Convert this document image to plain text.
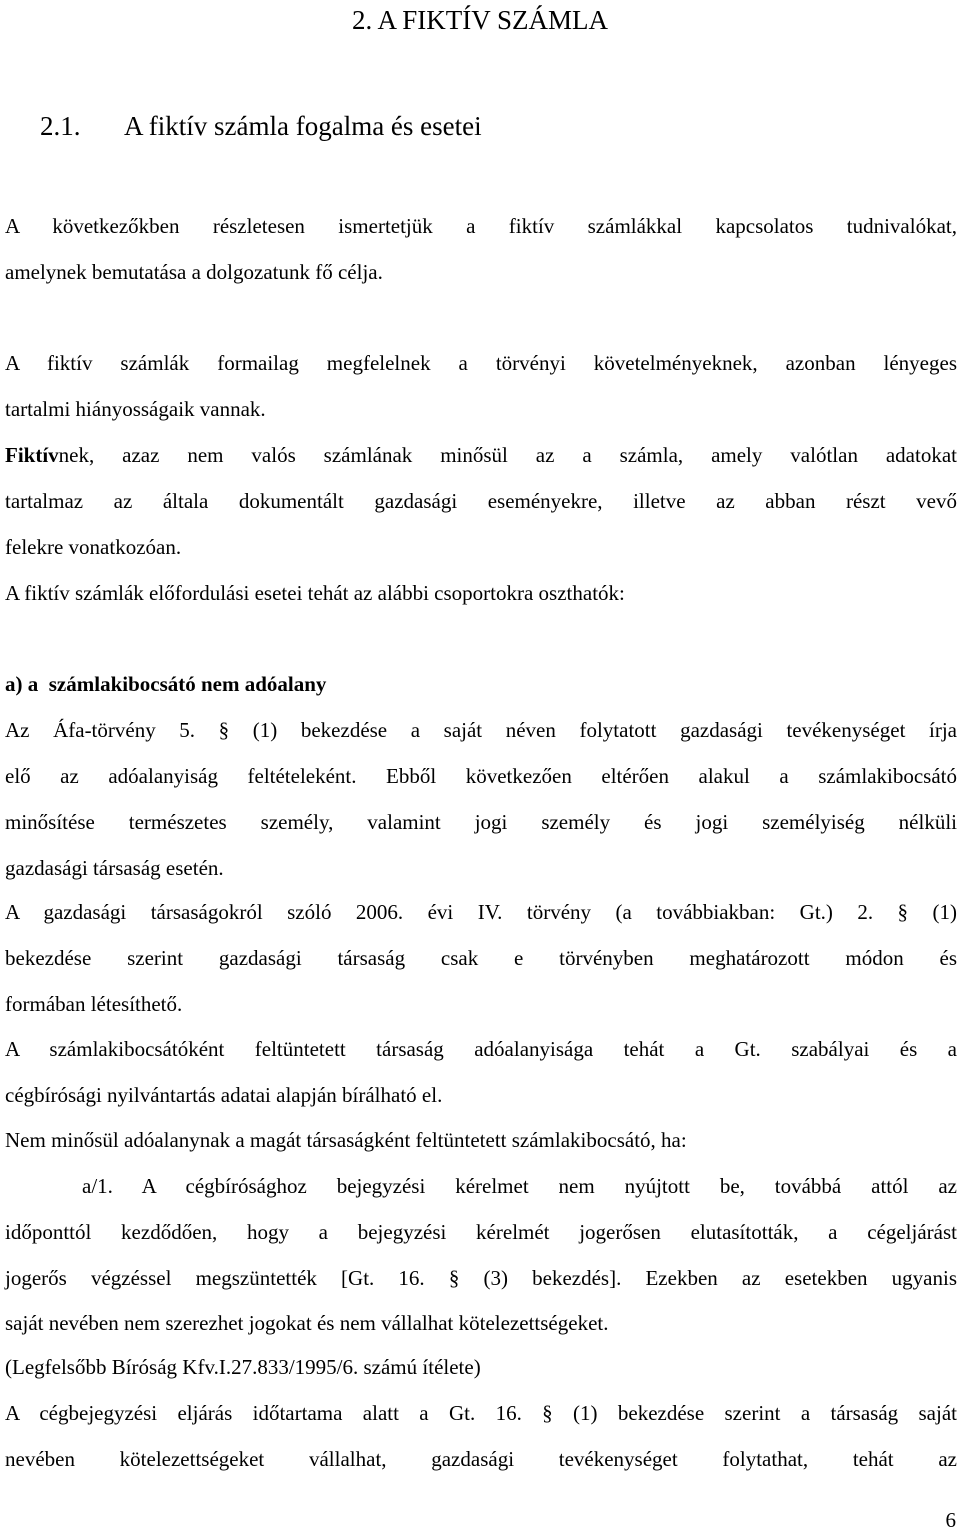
2. A FIKTÍV SZÁMLA
2.1. A fiktív számla fogalma és esetei

A következőkben részletesen ismertetjük a fiktív számlákkal kapcsolatos tudnivalókat,

amelynek bemutatása a dolgozatunk fő célja.

A fiktív számlák formailag megfelelnek a törvényi követelményeknek, azonban lényeges

tartalmi hiányosságaik vannak.

Fiktívnek, azaz nem valós számlának minősül az a számla, amely valótlan adatokat

tartalmaz az általa dokumentált gazdasági eseményekre, illetve az abban részt vevő

felekre vonatkozóan.

A fiktív számlák előfordulási esetei tehát az alábbi csoportokra oszthatók:

a) a  számlakibocsátó nem adóalany

Az Áfa-törvény 5. § (1) bekezdése a saját néven folytatott gazdasági tevékenységet írja

elő az adóalanyiság feltételeként. Ebből következően eltérően alakul a számlakibocsátó

minősítése természetes személy, valamint jogi személy és jogi személyiség nélküli

gazdasági társaság esetén.

A gazdasági társaságokról szóló 2006. évi IV. törvény (a továbbiakban: Gt.) 2. § (1)

bekezdése szerint gazdasági társaság csak e törvényben meghatározott módon és

formában létesíthető.

A számlakibocsátóként feltüntetett társaság adóalanyisága tehát a Gt. szabályai és a

cégbírósági nyilvántartás adatai alapján bírálható el.

Nem minősül adóalanynak a magát társaságként feltüntetett számlakibocsátó, ha:

a/1. A cégbírósághoz bejegyzési kérelmet nem nyújtott be, továbbá attól az

időponttól kezdődően, hogy a bejegyzési kérelmét jogerősen elutasították, a cégeljárást

jogerős végzéssel megszüntették [Gt. 16. § (3) bekezdés]. Ezekben az esetekben ugyanis

saját nevében nem szerezhet jogokat és nem vállalhat kötelezettségeket.

(Legfelsőbb Bíróság Kfv.I.27.833/1995/6. számú ítélete)

A cégbejegyzési eljárás időtartama alatt a Gt. 16. § (1) bekezdése szerint a társaság saját

nevében kötelezettségeket vállalhat, gazdasági tevékenységet folytathat, tehát az

6
